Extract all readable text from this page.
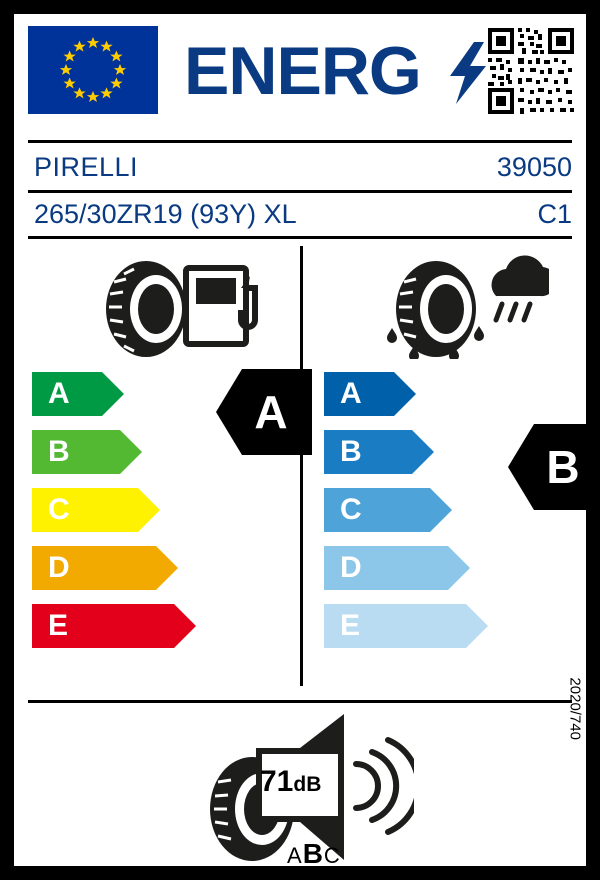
ENERG
PIRELLI	39050
265/30ZR19 (93Y) XL	C1
A
B
C
D
E
A	A
B
C
D
E
B
71dB
ABC
2020/740
